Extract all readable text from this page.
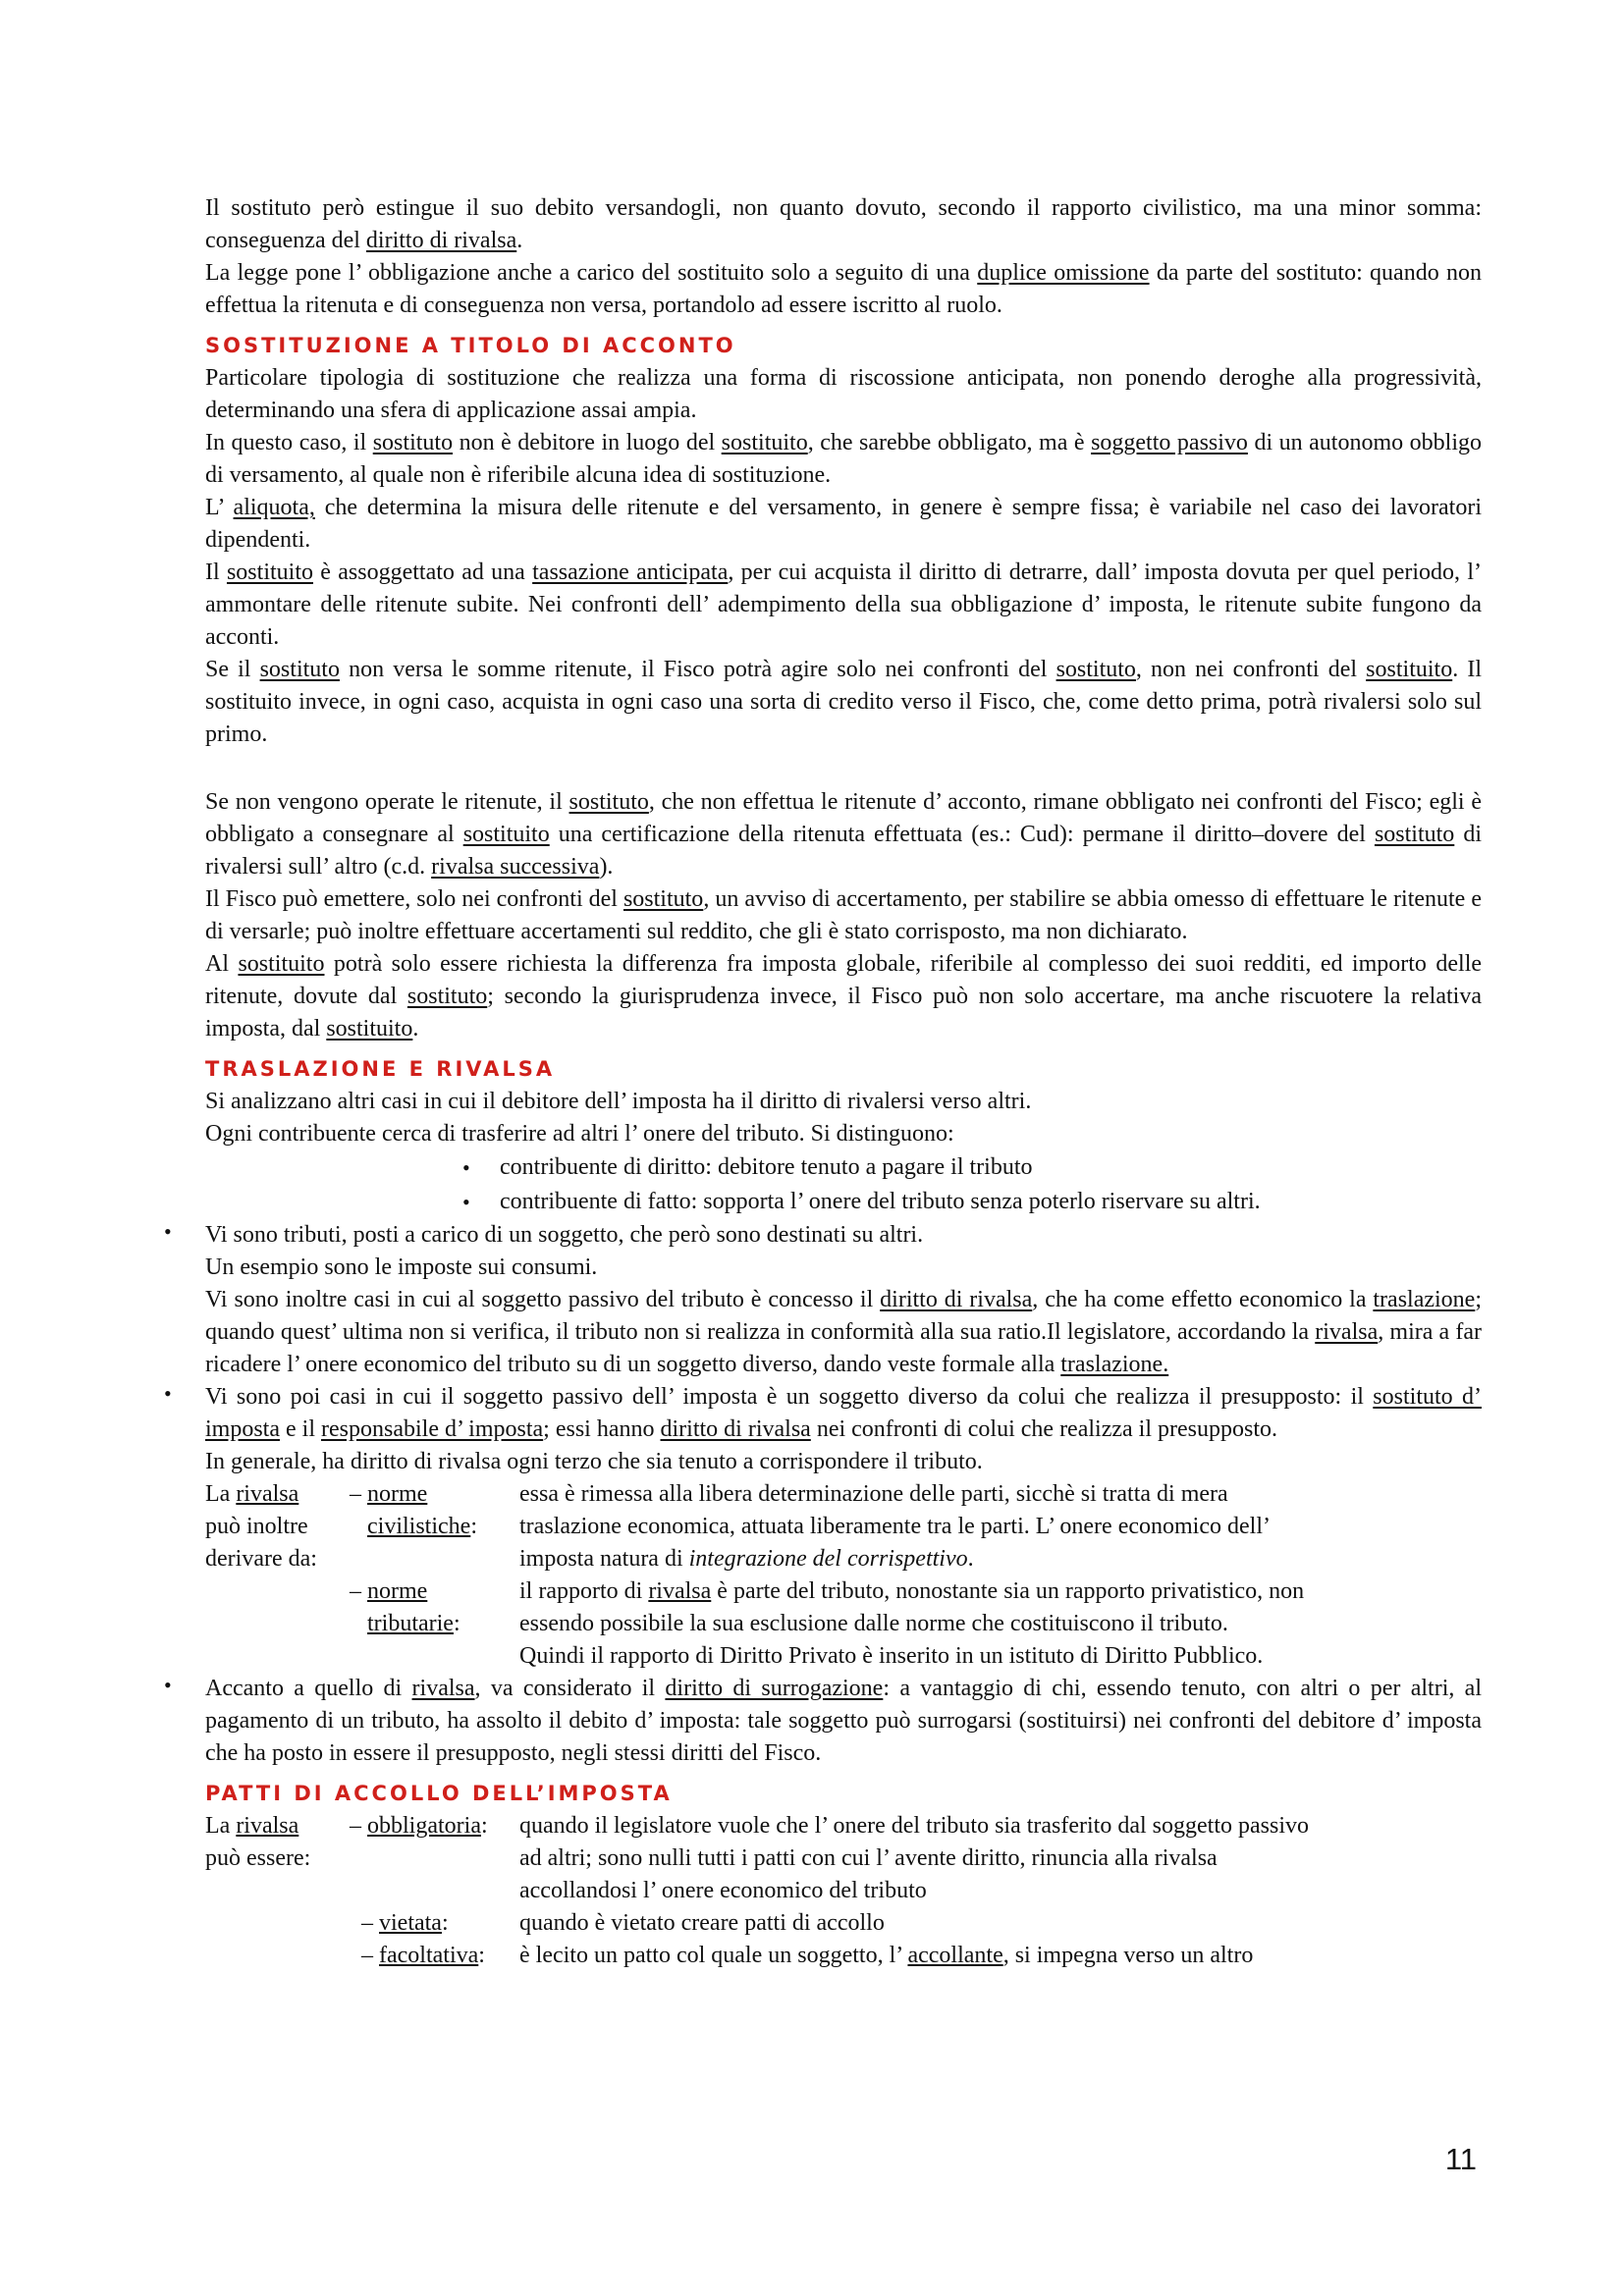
Il sostituto però estingue il suo debito versandogli, non quanto dovuto, secondo il rapporto civilistico, ma una minor somma: conseguenza del diritto di rivalsa.

La legge pone l’ obbligazione anche a carico del sostituito solo a seguito di una duplice omissione da parte del sostituto: quando non effettua la ritenuta e di conseguenza non versa, portandolo ad essere iscritto al ruolo.

SOSTITUZIONE A TITOLO DI ACCONTO

Particolare tipologia di sostituzione che realizza una forma di riscossione anticipata, non ponendo deroghe alla progressività, determinando una sfera di applicazione assai ampia.

In questo caso, il sostituto non è debitore in luogo del sostituito, che sarebbe obbligato, ma è soggetto passivo di un autonomo obbligo di versamento, al quale non è riferibile alcuna idea di sostituzione.

L’ aliquota, che determina la misura delle ritenute e del versamento, in genere è sempre fissa; è variabile nel caso dei lavoratori dipendenti.

Il sostituito è assoggettato ad una tassazione anticipata, per cui acquista il diritto di detrarre, dall’ imposta dovuta per quel periodo, l’ ammontare delle ritenute subite. Nei confronti dell’ adempimento della sua obbligazione d’ imposta, le ritenute subite fungono da acconti.

Se il sostituto non versa le somme ritenute, il Fisco potrà agire solo nei confronti del sostituto, non nei confronti del sostituito. Il sostituito invece, in ogni caso, acquista in ogni caso una sorta di credito verso il Fisco, che, come detto prima, potrà rivalersi solo sul primo.

Se non vengono operate le ritenute, il sostituto, che non effettua le ritenute d’ acconto, rimane obbligato nei confronti del Fisco; egli è obbligato a consegnare al sostituito una certificazione della ritenuta effettuata (es.: Cud): permane il diritto–dovere del sostituto di rivalersi sull’ altro (c.d. rivalsa successiva).

Il Fisco può emettere, solo nei confronti del sostituto, un avviso di accertamento, per stabilire se abbia omesso di effettuare le ritenute e di versarle; può inoltre effettuare accertamenti sul reddito, che gli è stato corrisposto, ma non dichiarato.

Al sostituito potrà solo essere richiesta la differenza fra imposta globale, riferibile al complesso dei suoi redditi, ed importo delle ritenute, dovute dal sostituto; secondo la giurisprudenza invece, il Fisco può non solo accertare, ma anche riscuotere la relativa imposta, dal sostituito.

TRASLAZIONE E RIVALSA

Si analizzano altri casi in cui il debitore dell’ imposta ha il diritto di rivalersi verso altri.

Ogni contribuente cerca di trasferire ad altri l’ onere del tributo. Si distinguono:

• contribuente di diritto: debitore tenuto a pagare il tributo

• contribuente di fatto: sopporta l’ onere del tributo senza poterlo riservare su altri.

• Vi sono tributi, posti a carico di un soggetto, che però sono destinati su altri.

Un esempio sono le imposte sui consumi.

Vi sono inoltre casi in cui al soggetto passivo del tributo è concesso il diritto di rivalsa, che ha come effetto economico la traslazione; quando quest’ ultima non si verifica, il tributo non si realizza in conformità alla sua ratio.Il legislatore, accordando la rivalsa, mira a far ricadere l’ onere economico del tributo su di un soggetto diverso, dando veste formale alla traslazione.

• Vi sono poi casi in cui il soggetto passivo dell’ imposta è un soggetto diverso da colui che realizza il presupposto: il sostituto d’ imposta e il responsabile d’ imposta; essi hanno diritto di rivalsa nei confronti di colui che realizza il presupposto.

In generale, ha diritto di rivalsa ogni terzo che sia tenuto a corrispondere il tributo.

La rivalsa	– norme	essa è rimessa alla libera determinazione delle parti, sicchè si tratta di mera
può inoltre	civilistiche:	traslazione economica, attuata liberamente tra le parti. L’ onere economico dell’
derivare da:		imposta natura di integrazione del corrispettivo.
	– norme	il rapporto di rivalsa è parte del tributo, nonostante sia un rapporto privatistico, non
	tributarie:	essendo possibile la sua esclusione dalle norme che costituiscono il tributo.
		Quindi il rapporto di Diritto Privato è inserito in un istituto di Diritto Pubblico.
• Accanto a quello di rivalsa, va considerato il diritto di surrogazione: a vantaggio di chi, essendo tenuto, con altri o per altri, al pagamento di un tributo, ha assolto il debito d’ imposta: tale soggetto può surrogarsi (sostituirsi) nei confronti del debitore d’ imposta che ha posto in essere il presupposto, negli stessi diritti del Fisco.

PATTI DI ACCOLLO DELL’IMPOSTA

La rivalsa	– obbligatoria:	quando il legislatore vuole che l’ onere del tributo sia trasferito dal soggetto passivo
può essere:		ad altri; sono nulli tutti i patti con cui l’ avente diritto, rinuncia alla rivalsa
		accollandosi l’ onere economico del tributo
	– vietata:	quando è vietato creare patti di accollo
	– facoltativa:	è lecito un patto col quale un soggetto, l’ accollante, si impegna verso un altro
11
